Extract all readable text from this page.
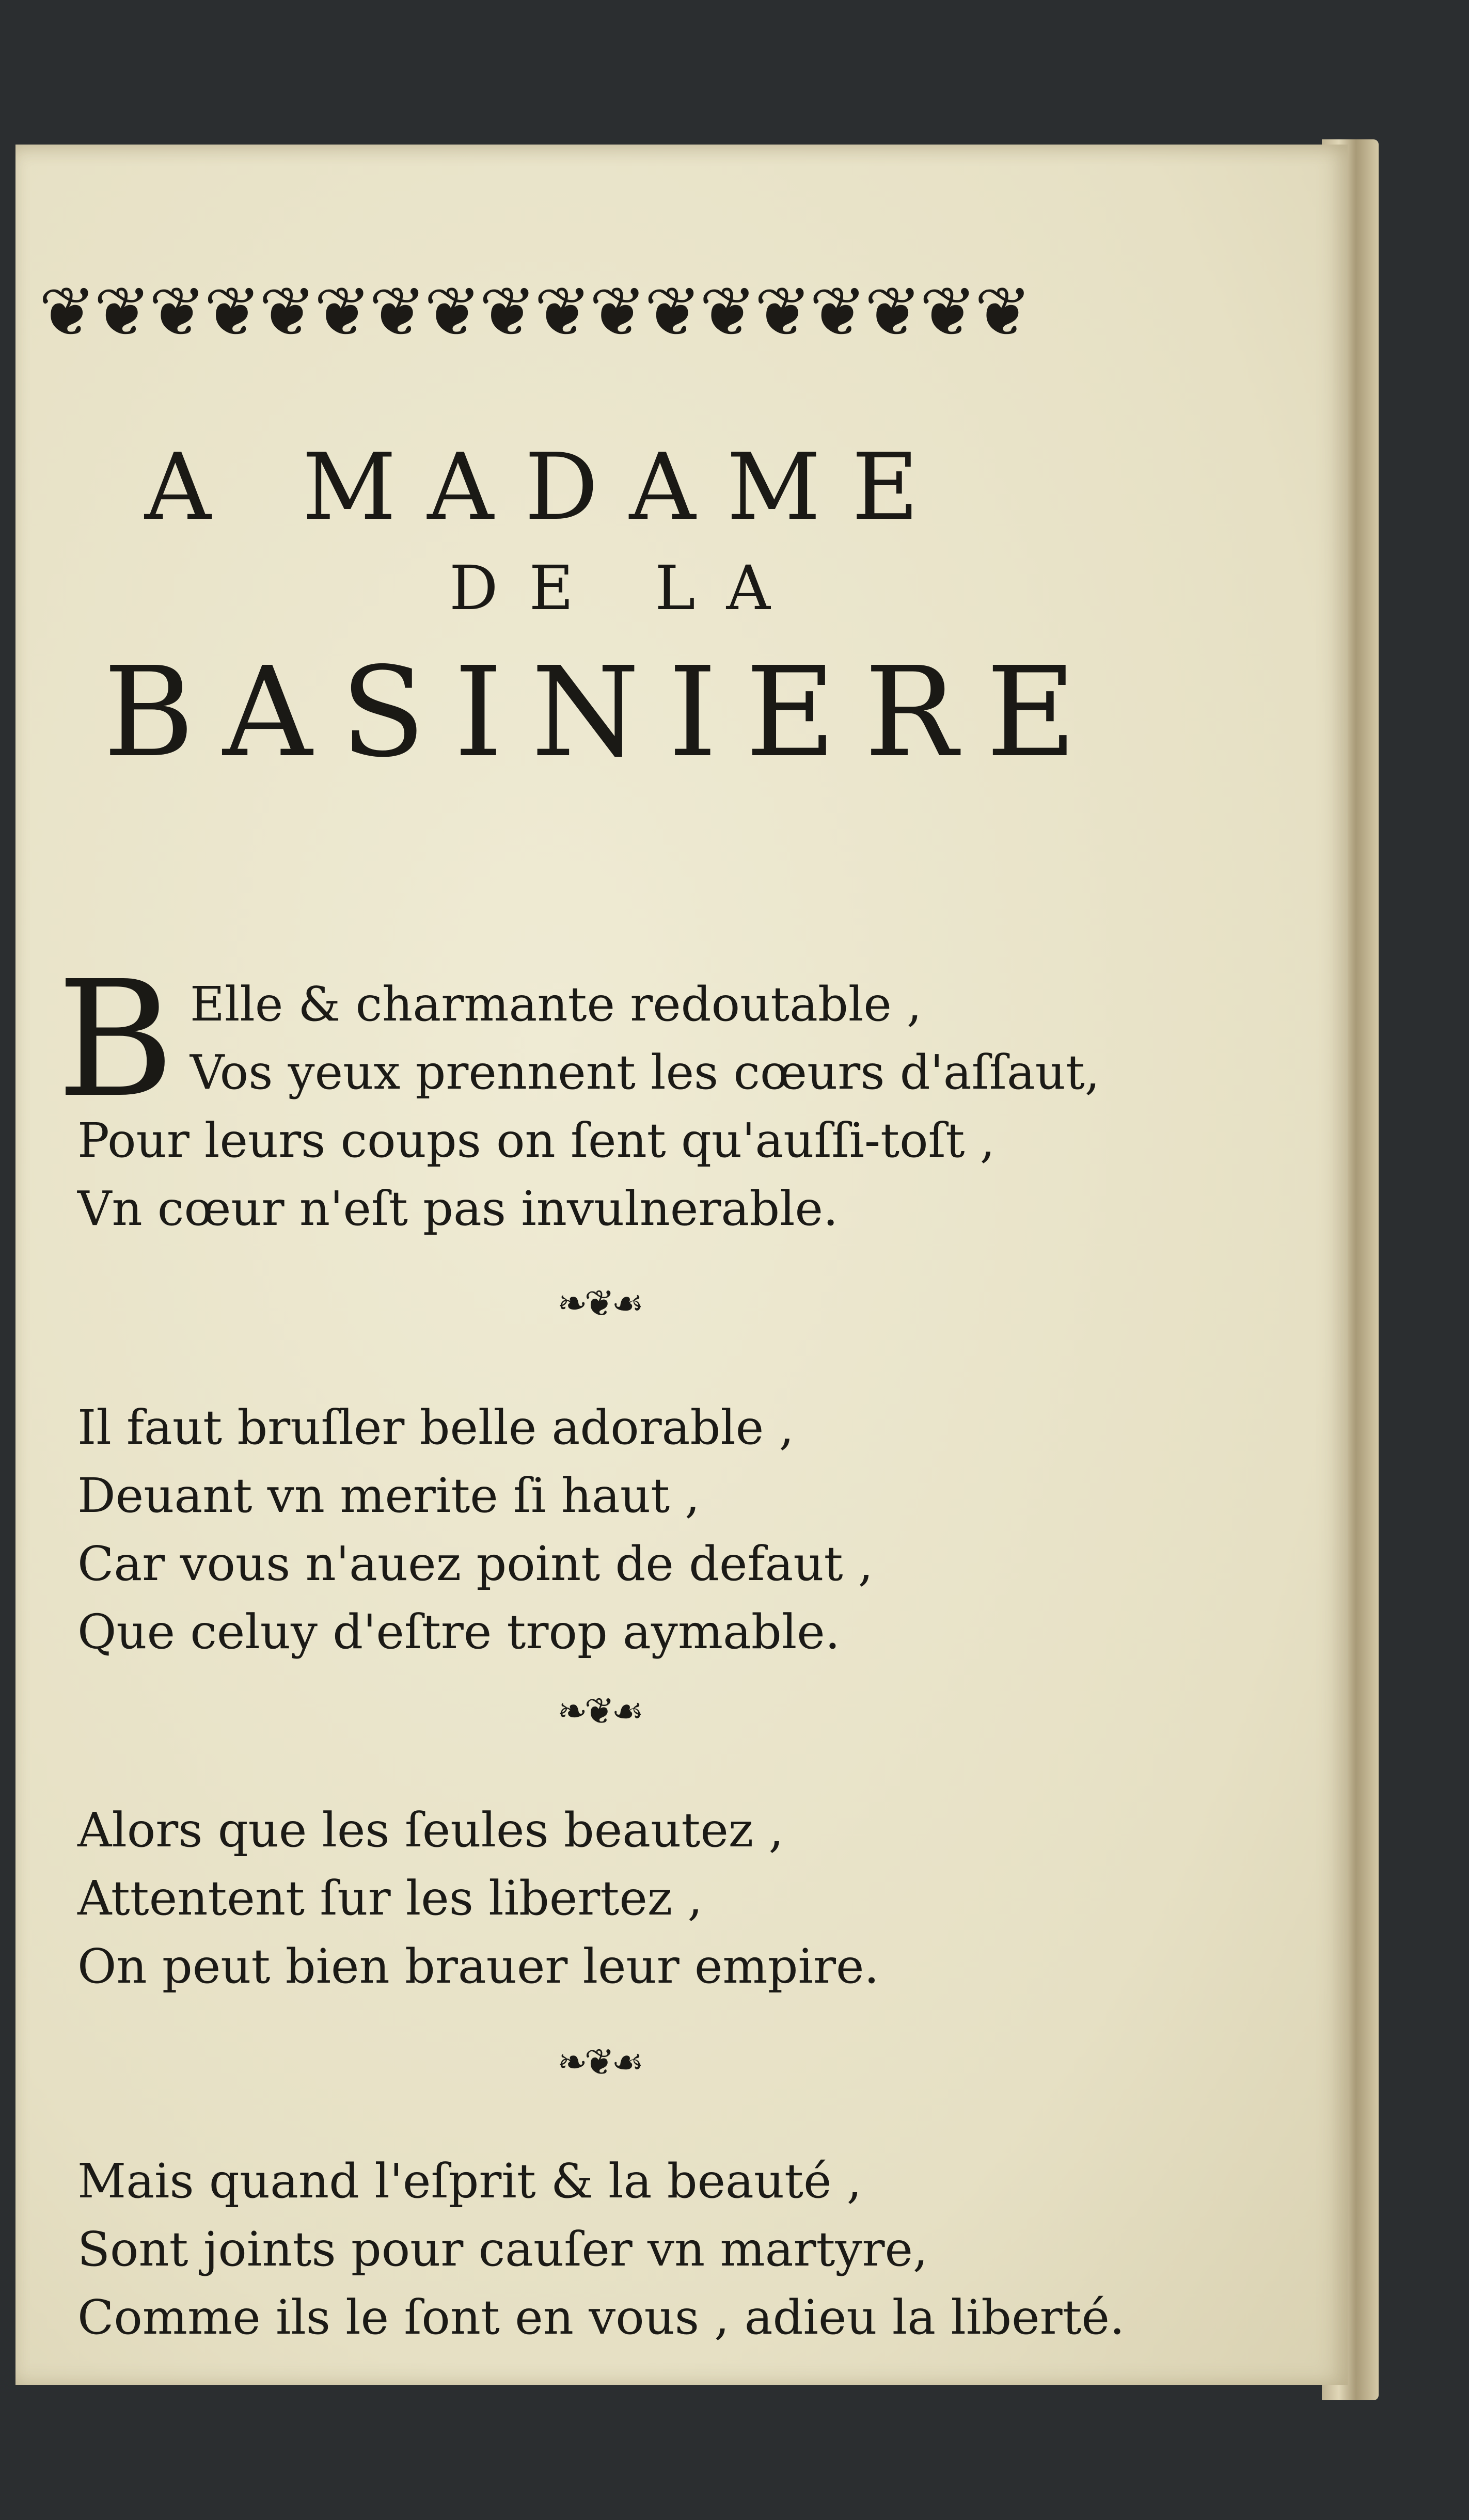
❦❦❦❦❦❦❦❦❦❦❦❦❦❦❦❦❦❦
A MADAME
DE LA
BASINIERE
B Elle & charmante redoutable ,

Vos yeux prennent les cœurs d'aſſaut,

Pour leurs coups on ſent qu'auſſi-toſt ,

Vn cœur n'eſt pas invulnerable.

❧❦☙

Il faut bruſler belle adorable ,

Deuant vn merite ſi haut ,

Car vous n'auez point de defaut ,

Que celuy d'eſtre trop aymable.

❧❦☙

Alors que les ſeules beautez ,

Attentent ſur les libertez ,

On peut bien brauer leur empire.

❧❦☙

Mais quand l'eſprit & la beauté ,

Sont joints pour cauſer vn martyre,

Comme ils le ſont en vous , adieu la liberté.
